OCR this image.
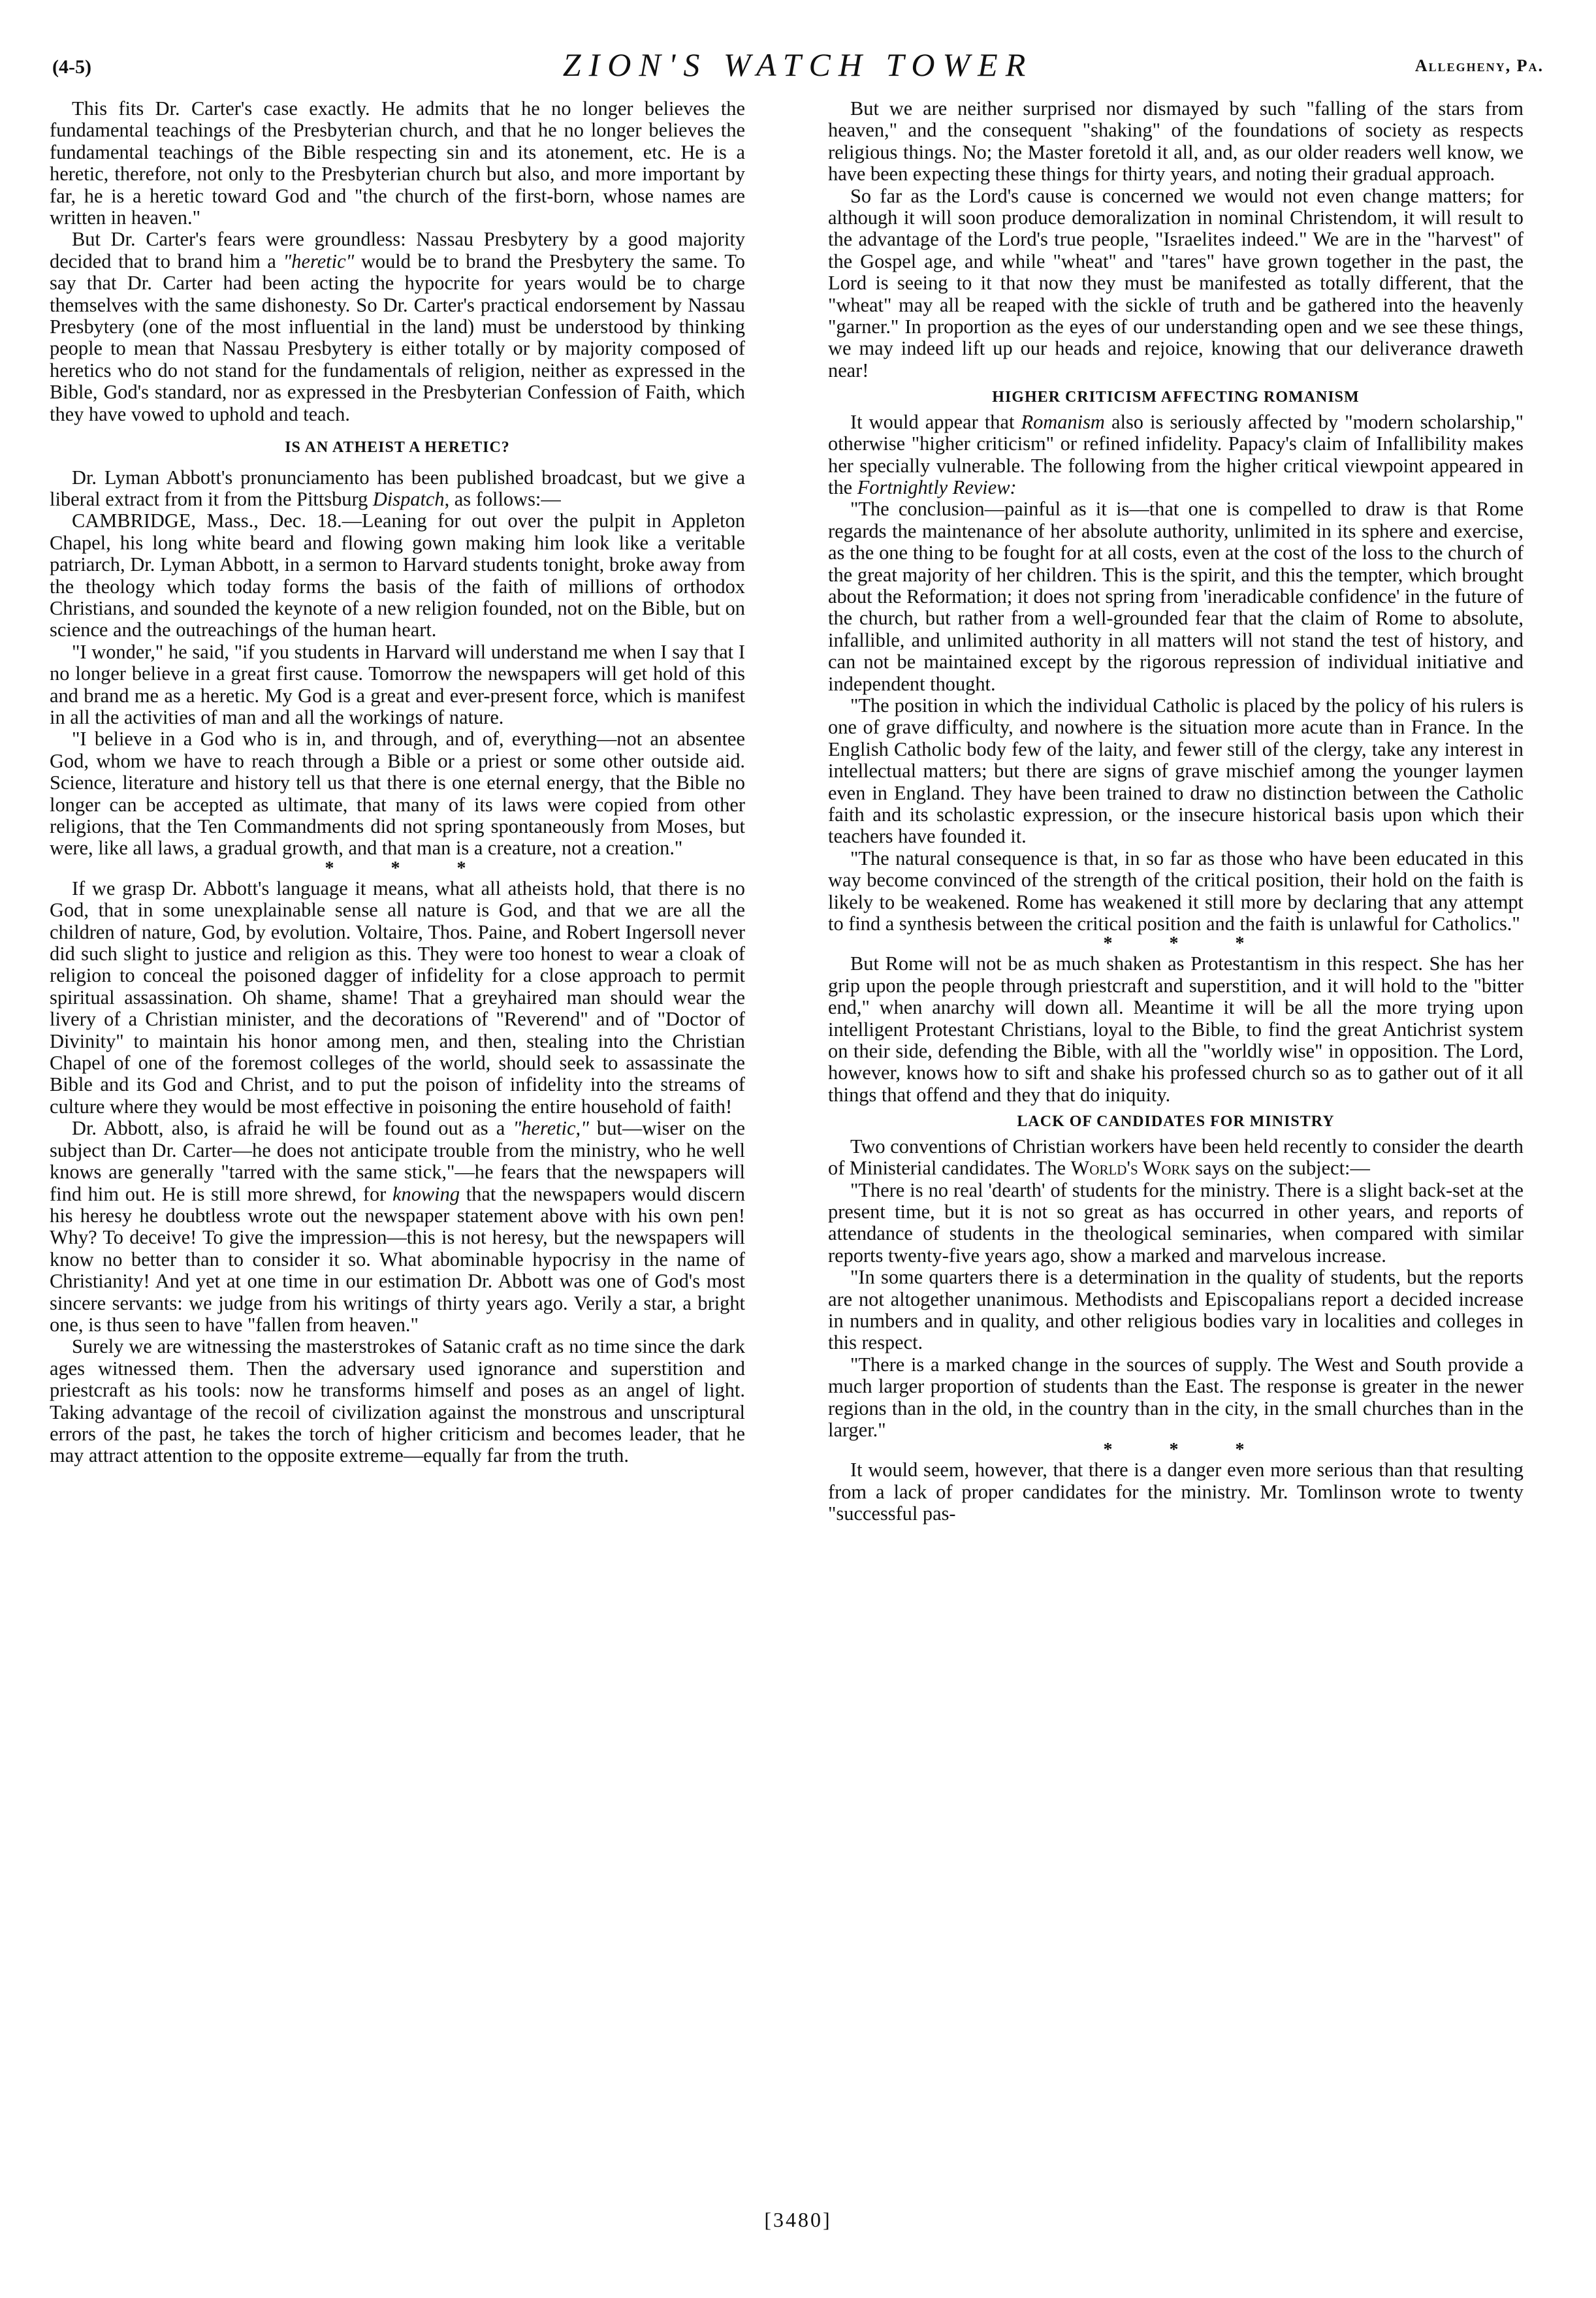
(4-5)	ZION'S WATCH TOWER	Allegheny, Pa.

This fits Dr. Carter's case exactly. He admits that he no longer believes the fundamental teachings of the Presbyterian church, and that he no longer believes the fundamental teachings of the Bible respecting sin and its atonement, etc. He is a heretic, therefore, not only to the Presbyterian church but also, and more important by far, he is a heretic toward God and "the church of the first-born, whose names are written in heaven."

But Dr. Carter's fears were groundless: Nassau Presbytery by a good majority decided that to brand him a "heretic" would be to brand the Presbytery the same. To say that Dr. Carter had been acting the hypocrite for years would be to charge themselves with the same dishonesty. So Dr. Carter's practical endorsement by Nassau Presbytery (one of the most influential in the land) must be understood by thinking people to mean that Nassau Presbytery is either totally or by majority composed of heretics who do not stand for the fundamentals of religion, neither as expressed in the Bible, God's standard, nor as expressed in the Presbyterian Confession of Faith, which they have vowed to uphold and teach.

IS AN ATHEIST A HERETIC?

Dr. Lyman Abbott's pronunciamento has been published broadcast, but we give a liberal extract from it from the Pittsburg Dispatch, as follows:—

CAMBRIDGE, Mass., Dec. 18.—Leaning for out over the pulpit in Appleton Chapel, his long white beard and flowing gown making him look like a veritable patriarch, Dr. Lyman Abbott, in a sermon to Harvard students tonight, broke away from the theology which today forms the basis of the faith of millions of orthodox Christians, and sounded the keynote of a new religion founded, not on the Bible, but on science and the outreachings of the human heart.

"I wonder," he said, "if you students in Harvard will understand me when I say that I no longer believe in a great first cause. Tomorrow the newspapers will get hold of this and brand me as a heretic. My God is a great and ever-present force, which is manifest in all the activities of man and all the workings of nature.

"I believe in a God who is in, and through, and of, everything—not an absentee God, whom we have to reach through a Bible or a priest or some other outside aid. Science, literature and history tell us that there is one eternal energy, that the Bible no longer can be accepted as ultimate, that many of its laws were copied from other religions, that the Ten Commandments did not spring spontaneously from Moses, but were, like all laws, a gradual growth, and that man is a creature, not a creation."

* * *

If we grasp Dr. Abbott's language it means, what all atheists hold, that there is no God, that in some unexplainable sense all nature is God, and that we are all the children of nature, God, by evolution. Voltaire, Thos. Paine, and Robert Ingersoll never did such slight to justice and religion as this. They were too honest to wear a cloak of religion to conceal the poisoned dagger of infidelity for a close approach to permit spiritual assassination. Oh shame, shame! That a greyhaired man should wear the livery of a Christian minister, and the decorations of "Reverend" and of "Doctor of Divinity" to maintain his honor among men, and then, stealing into the Christian Chapel of one of the foremost colleges of the world, should seek to assassinate the Bible and its God and Christ, and to put the poison of infidelity into the streams of culture where they would be most effective in poisoning the entire household of faith!

Dr. Abbott, also, is afraid he will be found out as a "heretic," but—wiser on the subject than Dr. Carter—he does not anticipate trouble from the ministry, who he well knows are generally "tarred with the same stick,"—he fears that the newspapers will find him out. He is still more shrewd, for knowing that the newspapers would discern his heresy he doubtless wrote out the newspaper statement above with his own pen! Why? To deceive! To give the impression—this is not heresy, but the newspapers will know no better than to consider it so. What abominable hypocrisy in the name of Christianity! And yet at one time in our estimation Dr. Abbott was one of God's most sincere servants: we judge from his writings of thirty years ago. Verily a star, a bright one, is thus seen to have "fallen from heaven."

Surely we are witnessing the masterstrokes of Satanic craft as no time since the dark ages witnessed them. Then the adversary used ignorance and superstition and priestcraft as his tools: now he transforms himself and poses as an angel of light. Taking advantage of the recoil of civilization against the monstrous and unscriptural errors of the past, he takes the torch of higher criticism and becomes leader, that he may attract attention to the opposite extreme—equally far from the truth.

But we are neither surprised nor dismayed by such "falling of the stars from heaven," and the consequent "shaking" of the foundations of society as respects religious things. No; the Master foretold it all, and, as our older readers well know, we have been expecting these things for thirty years, and noting their gradual approach.

So far as the Lord's cause is concerned we would not even change matters; for although it will soon produce demoralization in nominal Christendom, it will result to the advantage of the Lord's true people, "Israelites indeed." We are in the "harvest" of the Gospel age, and while "wheat" and "tares" have grown together in the past, the Lord is seeing to it that now they must be manifested as totally different, that the "wheat" may all be reaped with the sickle of truth and be gathered into the heavenly "garner." In proportion as the eyes of our understanding open and we see these things, we may indeed lift up our heads and rejoice, knowing that our deliverance draweth near!

HIGHER CRITICISM AFFECTING ROMANISM

It would appear that Romanism also is seriously affected by "modern scholarship," otherwise "higher criticism" or refined infidelity. Papacy's claim of Infallibility makes her specially vulnerable. The following from the higher critical viewpoint appeared in the Fortnightly Review:

"The conclusion—painful as it is—that one is compelled to draw is that Rome regards the maintenance of her absolute authority, unlimited in its sphere and exercise, as the one thing to be fought for at all costs, even at the cost of the loss to the church of the great majority of her children. This is the spirit, and this the tempter, which brought about the Reformation; it does not spring from 'ineradicable confidence' in the future of the church, but rather from a well-grounded fear that the claim of Rome to absolute, infallible, and unlimited authority in all matters will not stand the test of history, and can not be maintained except by the rigorous repression of individual initiative and independent thought.

"The position in which the individual Catholic is placed by the policy of his rulers is one of grave difficulty, and nowhere is the situation more acute than in France. In the English Catholic body few of the laity, and fewer still of the clergy, take any interest in intellectual matters; but there are signs of grave mischief among the younger laymen even in England. They have been trained to draw no distinction between the Catholic faith and its scholastic expression, or the insecure historical basis upon which their teachers have founded it.

"The natural consequence is that, in so far as those who have been educated in this way become convinced of the strength of the critical position, their hold on the faith is likely to be weakened. Rome has weakened it still more by declaring that any attempt to find a synthesis between the critical position and the faith is unlawful for Catholics."

* * *

But Rome will not be as much shaken as Protestantism in this respect. She has her grip upon the people through priestcraft and superstition, and it will hold to the "bitter end," when anarchy will down all. Meantime it will be all the more trying upon intelligent Protestant Christians, loyal to the Bible, to find the great Antichrist system on their side, defending the Bible, with all the "worldly wise" in opposition. The Lord, however, knows how to sift and shake his professed church so as to gather out of it all things that offend and they that do iniquity.

LACK OF CANDIDATES FOR MINISTRY

Two conventions of Christian workers have been held recently to consider the dearth of Ministerial candidates. The World's Work says on the subject:—

"There is no real 'dearth' of students for the ministry. There is a slight back-set at the present time, but it is not so great as has occurred in other years, and reports of attendance of students in the theological seminaries, when compared with similar reports twenty-five years ago, show a marked and marvelous increase.

"In some quarters there is a determination in the quality of students, but the reports are not altogether unanimous. Methodists and Episcopalians report a decided increase in numbers and in quality, and other religious bodies vary in localities and colleges in this respect.

"There is a marked change in the sources of supply. The West and South provide a much larger proportion of students than the East. The response is greater in the newer regions than in the old, in the country than in the city, in the small churches than in the larger."

* * *

It would seem, however, that there is a danger even more serious than that resulting from a lack of proper candidates for the ministry. Mr. Tomlinson wrote to twenty "successful pas-

[3480]
